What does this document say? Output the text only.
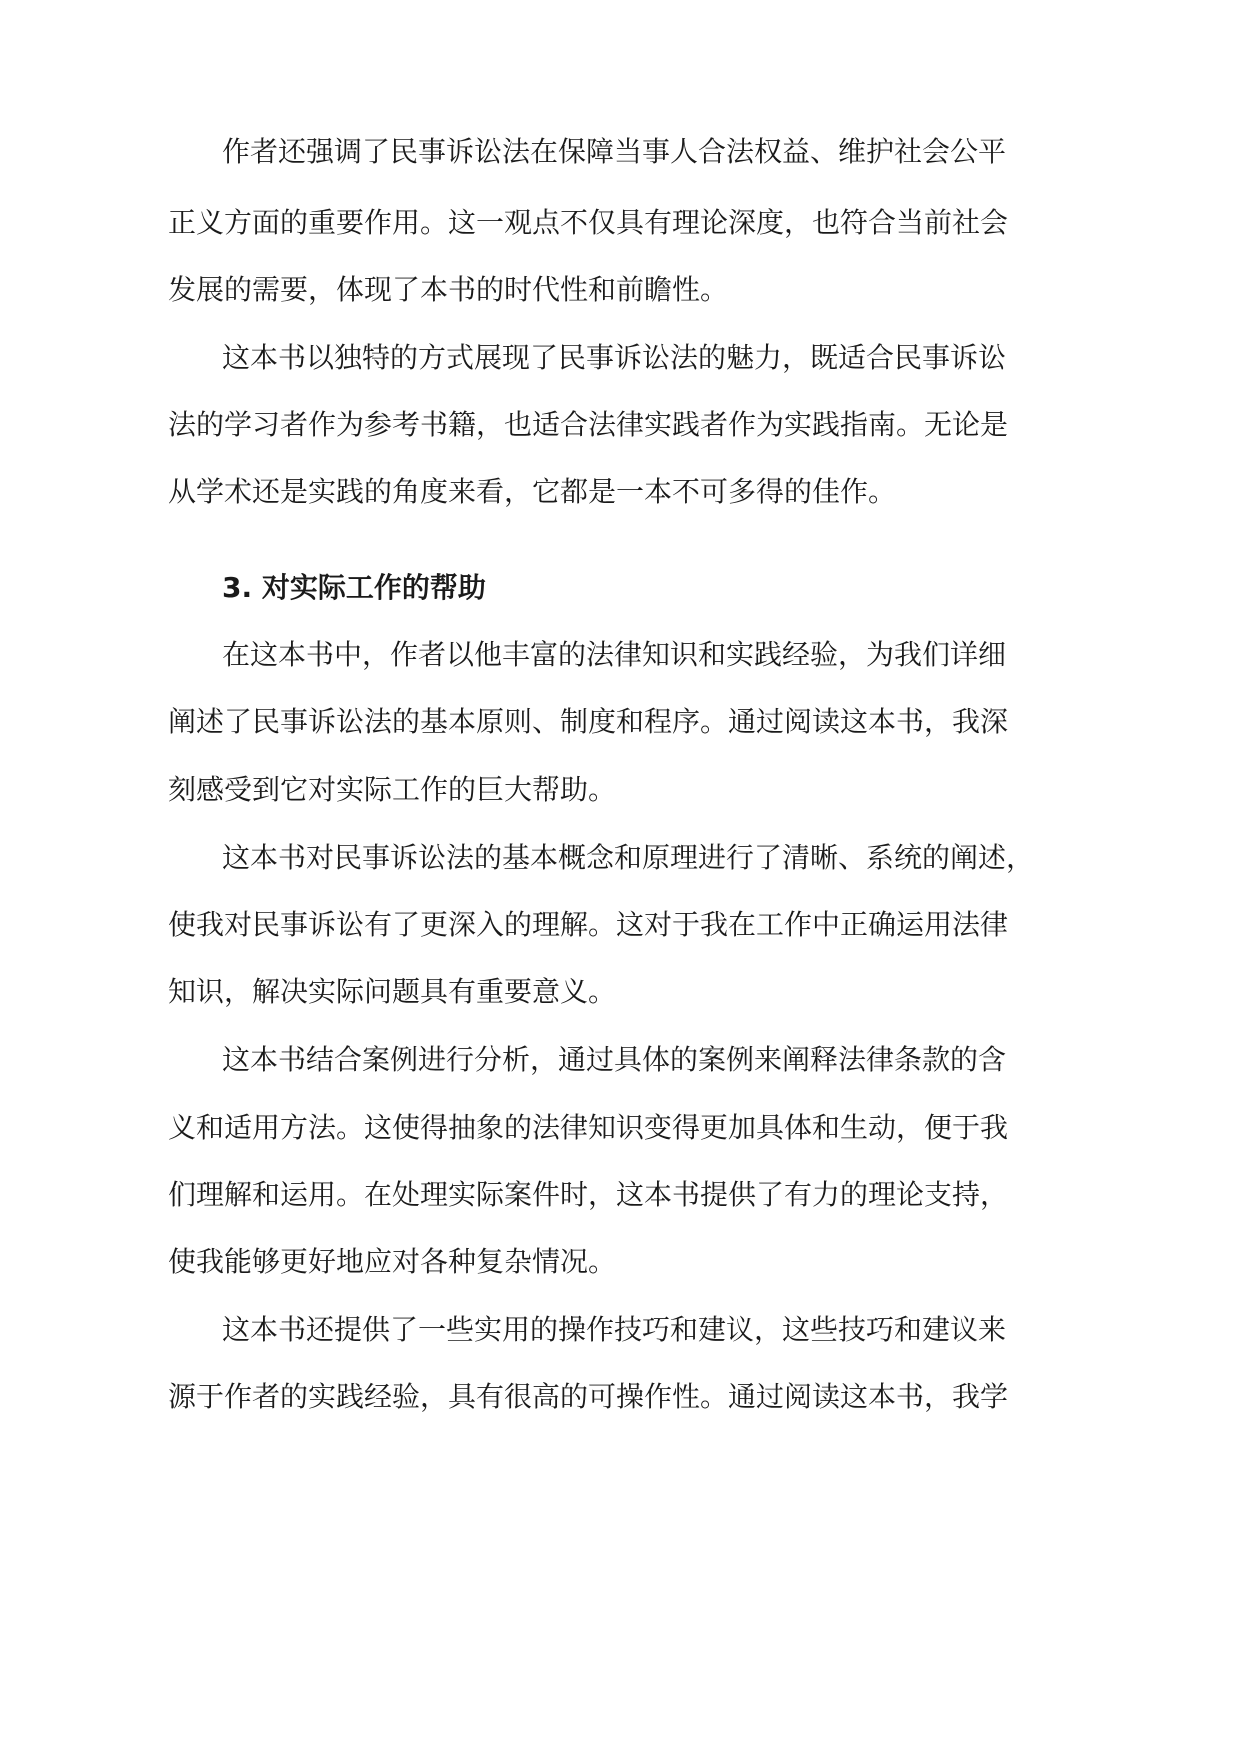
作者还强调了民事诉讼法在保障当事人合法权益、维护社会公平
正义方面的重要作用。这一观点不仅具有理论深度，也符合当前社会
发展的需要，体现了本书的时代性和前瞻性。
这本书以独特的方式展现了民事诉讼法的魅力，既适合民事诉讼
法的学习者作为参考书籍，也适合法律实践者作为实践指南。无论是
从学术还是实践的角度来看，它都是一本不可多得的佳作。
3. 对实际工作的帮助
在这本书中，作者以他丰富的法律知识和实践经验，为我们详细
阐述了民事诉讼法的基本原则、制度和程序。通过阅读这本书，我深
刻感受到它对实际工作的巨大帮助。
这本书对民事诉讼法的基本概念和原理进行了清晰、系统的阐述，
使我对民事诉讼有了更深入的理解。这对于我在工作中正确运用法律
知识，解决实际问题具有重要意义。
这本书结合案例进行分析，通过具体的案例来阐释法律条款的含
义和适用方法。这使得抽象的法律知识变得更加具体和生动，便于我
们理解和运用。在处理实际案件时，这本书提供了有力的理论支持，
使我能够更好地应对各种复杂情况。
这本书还提供了一些实用的操作技巧和建议，这些技巧和建议来
源于作者的实践经验，具有很高的可操作性。通过阅读这本书，我学
